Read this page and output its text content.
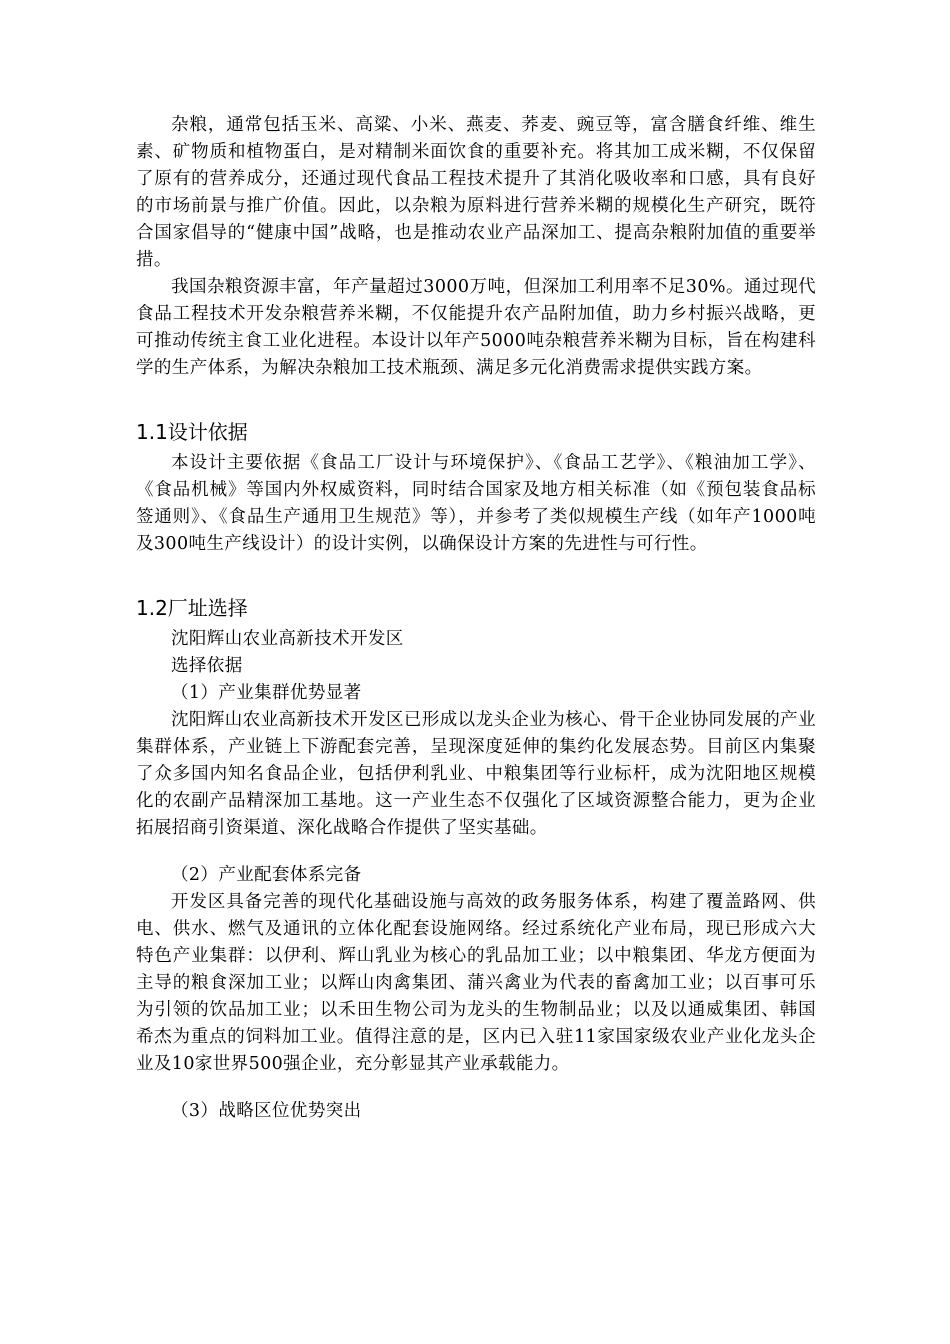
杂粮，通常包括玉米、高粱、小米、燕麦、荞麦、豌豆等，富含膳食纤维、维生素、矿物质和植物蛋白，是对精制米面饮食的重要补充。将其加工成米糊，不仅保留了原有的营养成分，还通过现代食品工程技术提升了其消化吸收率和口感，具有良好的市场前景与推广价值。因此，以杂粮为原料进行营养米糊的规模化生产研究，既符合国家倡导的“健康中国”战略，也是推动农业产品深加工、提高杂粮附加值的重要举措。

我国杂粮资源丰富，年产量超过3000万吨，但深加工利用率不足30%。通过现代食品工程技术开发杂粮营养米糊，不仅能提升农产品附加值，助力乡村振兴战略，更可推动传统主食工业化进程。本设计以年产5000吨杂粮营养米糊为目标，旨在构建科学的生产体系，为解决杂粮加工技术瓶颈、满足多元化消费需求提供实践方案。

1.1设计依据

本设计主要依据《食品工厂设计与环境保护》、《食品工艺学》、《粮油加工学》、《食品机械》等国内外权威资料，同时结合国家及地方相关标准（如《预包装食品标签通则》、《食品生产通用卫生规范》等），并参考了类似规模生产线（如年产1000吨及300吨生产线设计）的设计实例，以确保设计方案的先进性与可行性。

1.2厂址选择

沈阳辉山农业高新技术开发区

选择依据

（1）产业集群优势显著

沈阳辉山农业高新技术开发区已形成以龙头企业为核心、骨干企业协同发展的产业集群体系，产业链上下游配套完善，呈现深度延伸的集约化发展态势。目前区内集聚了众多国内知名食品企业，包括伊利乳业、中粮集团等行业标杆，成为沈阳地区规模化的农副产品精深加工基地。这一产业生态不仅强化了区域资源整合能力，更为企业拓展招商引资渠道、深化战略合作提供了坚实基础。

（2）产业配套体系完备

开发区具备完善的现代化基础设施与高效的政务服务体系，构建了覆盖路网、供电、供水、燃气及通讯的立体化配套设施网络。经过系统化产业布局，现已形成六大特色产业集群：以伊利、辉山乳业为核心的乳品加工业；以中粮集团、华龙方便面为主导的粮食深加工业；以辉山肉禽集团、蒲兴禽业为代表的畜禽加工业；以百事可乐为引领的饮品加工业；以禾田生物公司为龙头的生物制品业；以及以通威集团、韩国希杰为重点的饲料加工业。值得注意的是，区内已入驻11家国家级农业产业化龙头企业及10家世界500强企业，充分彰显其产业承载能力。

（3）战略区位优势突出
